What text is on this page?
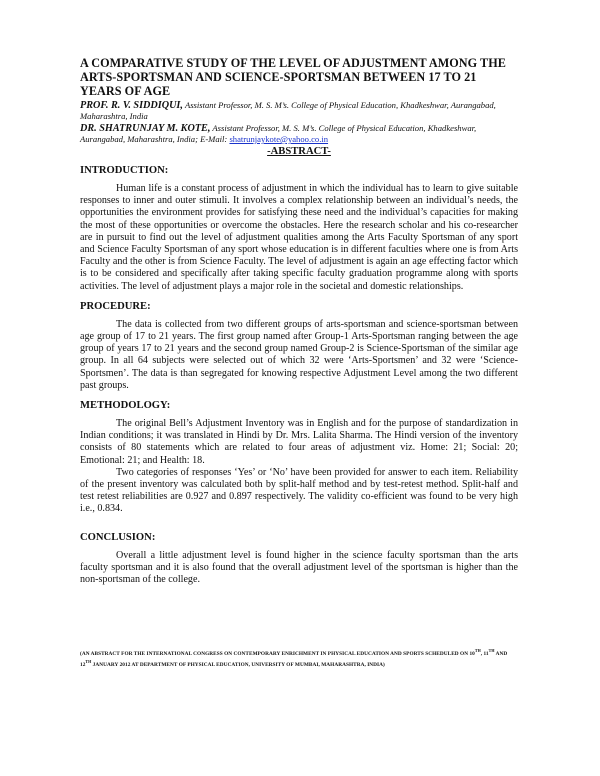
A COMPARATIVE STUDY OF THE LEVEL OF ADJUSTMENT AMONG THE ARTS-SPORTSMAN AND SCIENCE-SPORTSMAN BETWEEN 17 TO 21 YEARS OF AGE

PROF. R. V. SIDDIQUI, Assistant Professor, M. S. M’s. College of Physical Education, Khadkeshwar, Aurangabad, Maharashtra, India

DR. SHATRUNJAY M. KOTE, Assistant Professor, M. S. M’s. College of Physical Education, Khadkeshwar, Aurangabad, Maharashtra, India; E-Mail: shatrunjaykote@yahoo.co.in

-ABSTRACT-
INTRODUCTION:

Human life is a constant process of adjustment in which the individual has to learn to give suitable responses to inner and outer stimuli. It involves a complex relationship between an individual’s needs, the opportunities the environment provides for satisfying these need and the individual’s capacities for making the most of these opportunities or overcome the obstacles. Here the research scholar and his co-researcher are in pursuit to find out the level of adjustment qualities among the Arts Faculty Sportsman of any sport and Science Faculty Sportsman of any sport whose education is in different faculties where one is from Arts Faculty and the other is from Science Faculty. The level of adjustment is again an age effecting factor which is to be considered and specifically after taking specific faculty graduation programme along with sports activities. The level of adjustment plays a major role in the societal and domestic relationships.

PROCEDURE:

The data is collected from two different groups of arts-sportsman and science-sportsman between age group of 17 to 21 years. The first group named after Group-1 Arts-Sportsman ranging between the age group of years 17 to 21 years and the second group named Group-2 is Science-Sportsman of the similar age group. In all 64 subjects were selected out of which 32 were ‘Arts-Sportsmen’ and 32 were ‘Science-Sportsmen’. The data is than segregated for knowing respective Adjustment Level among the two different past groups.

METHODOLOGY:

The original Bell’s Adjustment Inventory was in English and for the purpose of standardization in Indian conditions; it was translated in Hindi by Dr. Mrs. Lalita Sharma. The Hindi version of the inventory consists of 80 statements which are related to four areas of adjustment viz. Home: 21; Social: 20; Emotional: 21; and Health: 18.

Two categories of responses ‘Yes’ or ‘No’ have been provided for answer to each item. Reliability of the present inventory was calculated both by split-half method and by test-retest method. Split-half and test retest reliabilities are 0.927 and 0.897 respectively. The validity co-efficient was found to be very high i.e., 0.834.

CONCLUSION:

Overall a little adjustment level is found higher in the science faculty sportsman than the arts faculty sportsman and it is also found that the overall adjustment level of the sportsman is higher than the non-sportsman of the college.

(AN ABSTRACT FOR THE INTERNATIONAL CONGRESS ON CONTEMPORARY ENRICHMENT IN PHYSICAL EDUCATION AND SPORTS SCHEDULED ON 10TH, 11TH AND 12TH JANUARY 2012 AT DEPARTMENT OF PHYSICAL EDUCATION, UNIVERSITY OF MUMBAI, MAHARASHTRA, INDIA)
